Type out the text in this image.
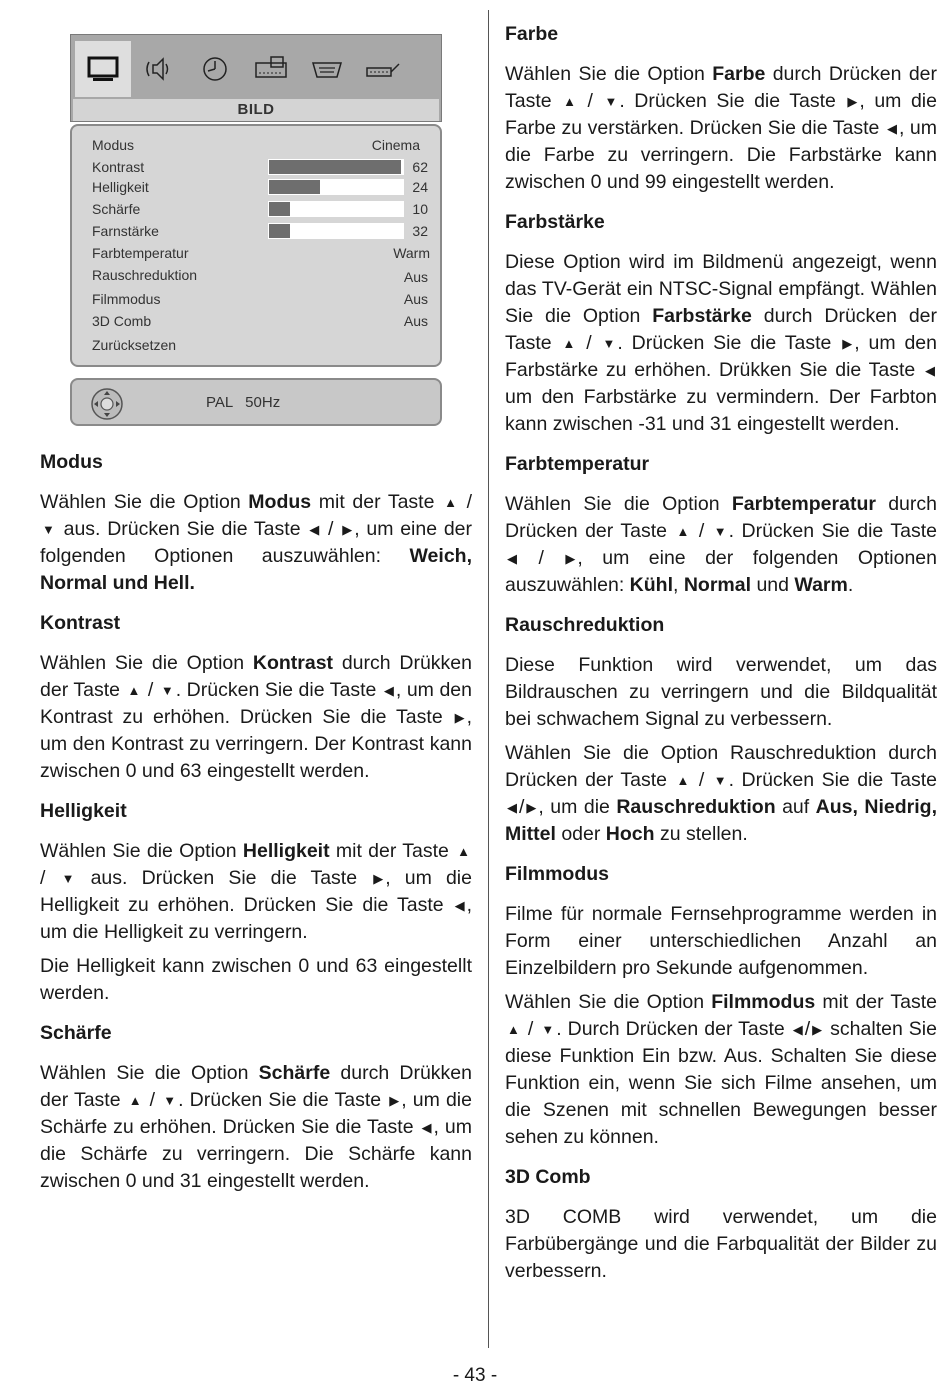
BILD
Modus	Cinema
Kontrast	62
Helligkeit	24
Schärfe	10
Farnstärke	32
Farbtemperatur	Warm
Rauschreduktion	Aus
Filmmodus	Aus
3D Comb	Aus
Zurücksetzen
PAL   50Hz
Modus

Wählen Sie die Option Modus mit der Taste ▲ / ▼ aus. Drücken Sie die Taste ◀ / ▶ , um eine der folgenden Optionen auszuwählen: Weich, Normal und Hell.

Kontrast

Wählen Sie die Option Kontrast durch Drükken der Taste ▲ / ▼ . Drücken Sie die Taste ◀ , um den Kontrast zu erhöhen. Drücken Sie die Taste ▶ , um den Kontrast zu verringern. Der Kontrast kann zwischen 0 und 63 eingestellt werden.

Helligkeit

Wählen Sie die Option Helligkeit mit der Taste ▲ / ▼ aus. Drücken Sie die Taste ▶ , um die Helligkeit zu erhöhen. Drücken Sie die Taste ◀ , um die Helligkeit zu verringern.

Die Helligkeit kann zwischen 0 und 63 eingestellt werden.

Schärfe

Wählen Sie die Option Schärfe durch Drükken der Taste ▲ / ▼ . Drücken Sie die Taste ▶ , um die Schärfe zu erhöhen. Drücken Sie die Taste ◀ , um die Schärfe zu verringern. Die Schärfe kann zwischen 0 und 31 eingestellt werden.

Farbe

Wählen Sie die Option Farbe durch Drücken der Taste ▲ / ▼ . Drücken Sie die Taste ▶ , um die Farbe zu verstärken. Drücken Sie die Taste ◀ , um die Farbe zu verringern. Die Farbstärke kann zwischen 0 und 99 eingestellt werden.

Farbstärke

Diese Option wird im Bildmenü angezeigt, wenn das TV-Gerät ein NTSC-Signal empfängt. Wählen Sie die Option Farbstärke durch Drücken der Taste ▲ / ▼ . Drücken Sie die Taste ▶ , um den Farbstärke zu erhöhen. Drükken Sie die Taste ◀ um den Farbstärke zu vermindern. Der Farbton kann zwischen -31 und 31 eingestellt werden.

Farbtemperatur

Wählen Sie die Option Farbtemperatur durch Drücken der Taste ▲ / ▼ . Drücken Sie die Taste ◀ / ▶ , um eine der folgenden Optionen auszuwählen: Kühl, Normal und Warm.

Rauschreduktion

Diese Funktion wird verwendet, um das Bildrauschen zu verringern und die Bildqualität bei schwachem Signal zu verbessern.

Wählen Sie die Option Rauschreduktion durch Drücken der Taste ▲ / ▼ . Drücken Sie die Taste ◀ / ▶ , um die Rauschreduktion auf Aus, Niedrig, Mittel oder Hoch zu stellen.

Filmmodus

Filme für normale Fernsehprogramme werden in Form einer unterschiedlichen Anzahl an Einzelbildern pro Sekunde aufgenommen.

Wählen Sie die Option Filmmodus mit der Taste ▲ / ▼ . Durch Drücken der Taste ◀ / ▶ schalten Sie diese Funktion Ein bzw. Aus. Schalten Sie diese Funktion ein, wenn Sie sich Filme ansehen, um die Szenen mit schnellen Bewegungen besser sehen zu können.

3D Comb

3D COMB wird verwendet, um die Farbübergänge und die Farbqualität der Bilder zu verbessern.

- 43 -
